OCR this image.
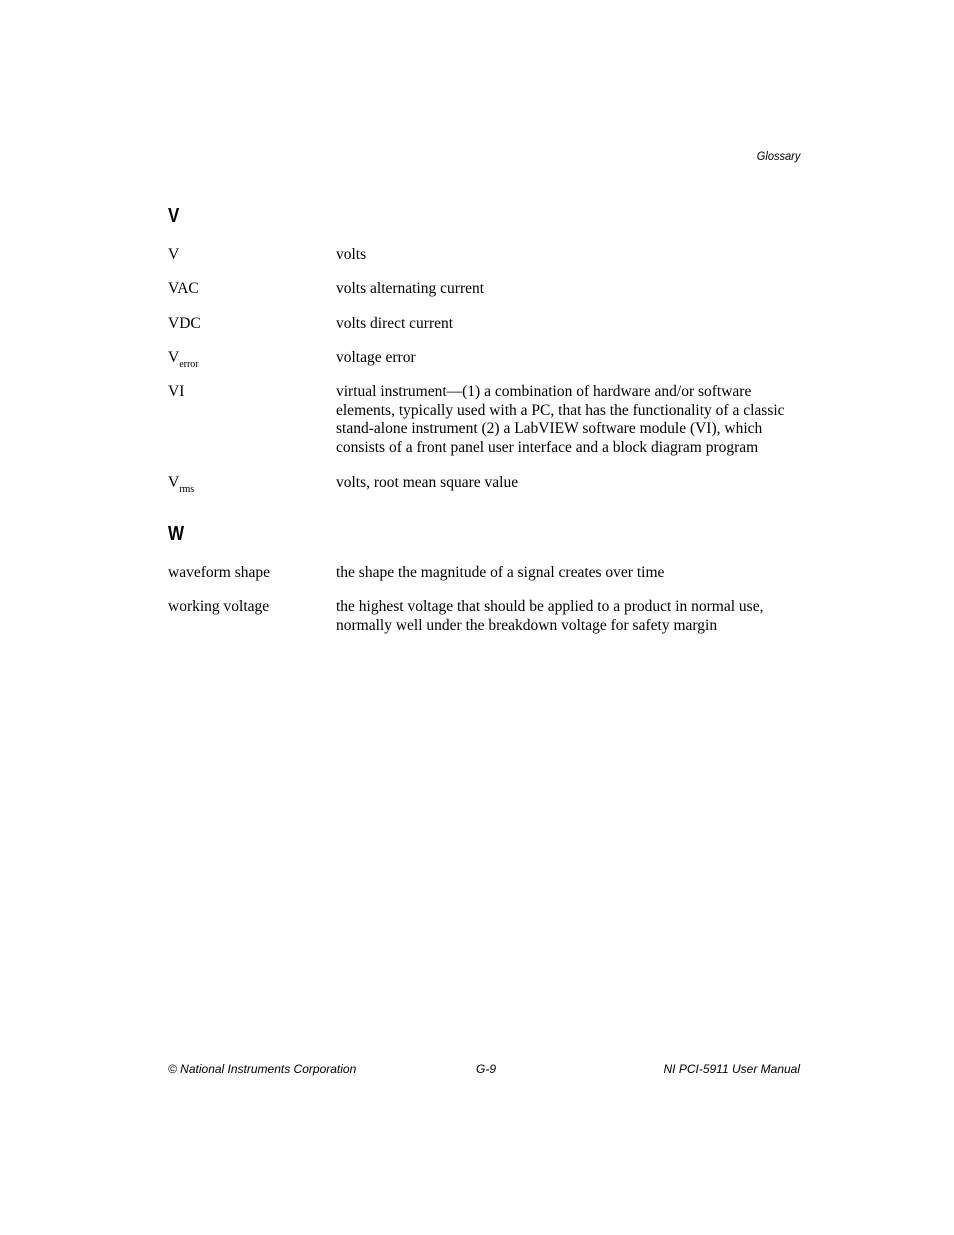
Glossary
V
V	volts
VAC	volts alternating current
VDC	volts direct current
$V_{error}$	voltage error
VI	virtual instrument—(1) a combination of hardware and/or software
elements, typically used with a PC, that has the functionality of a classic
stand-alone instrument (2) a LabVIEW software module (VI), which
consists of a front panel user interface and a block diagram program
$V_{rms}$	volts, root mean square value
W
waveform shape	the shape the magnitude of a signal creates over time
working voltage	the highest voltage that should be applied to a product in normal use,
normally well under the breakdown voltage for safety margin
© National Instruments Corporation	G-9	NI PCI-5911 User Manual
